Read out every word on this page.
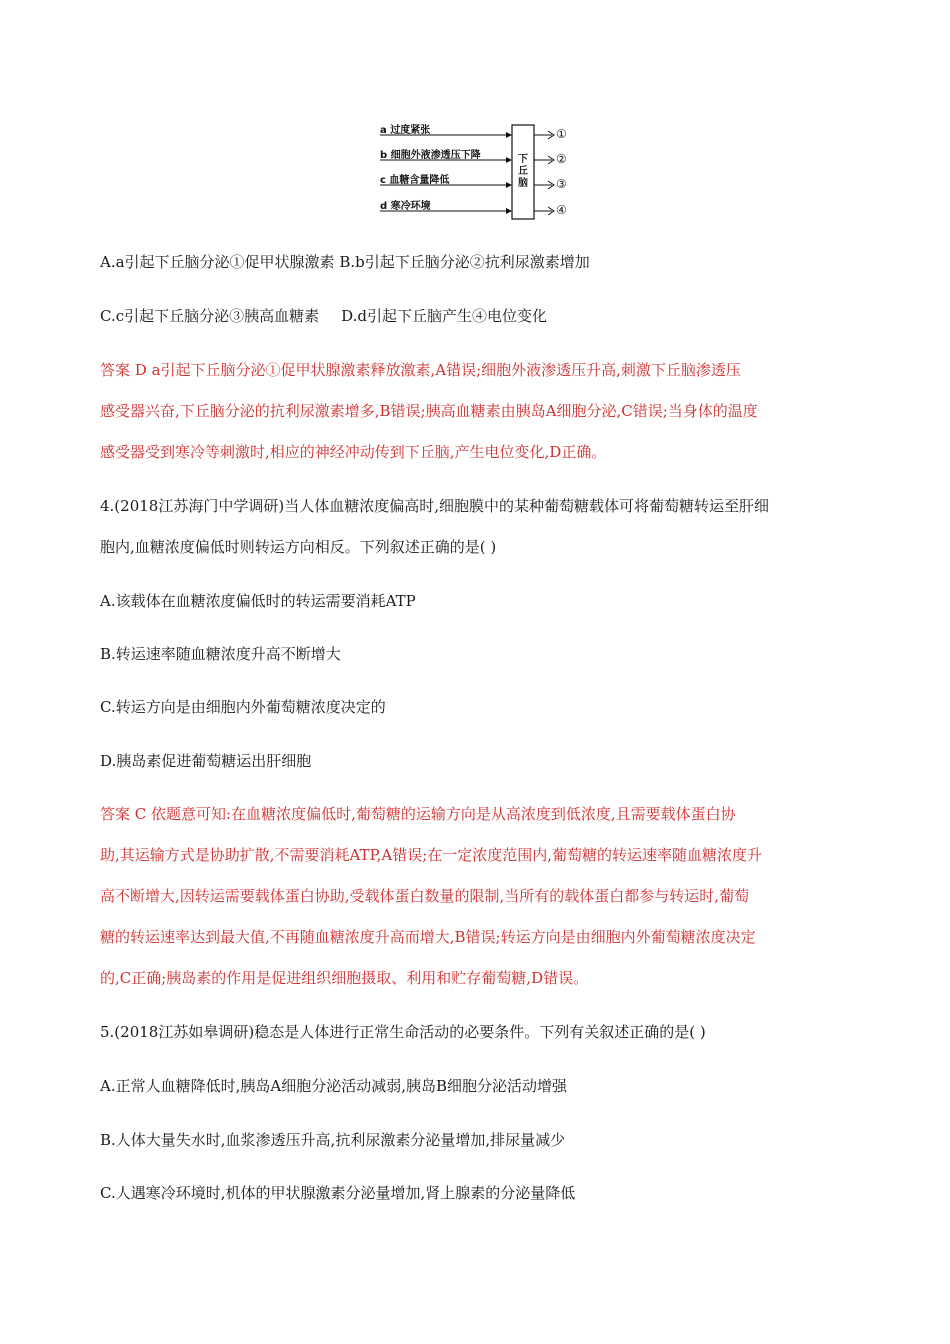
a 过度紧张
b 细胞外液渗透压下降
c 血糖含量降低
d 寒冷环境
下
丘
脑
①
②
③
④
A.a引起下丘脑分泌①促甲状腺激素 B.b引起下丘脑分泌②抗利尿激素增加
C.c引起下丘脑分泌③胰高血糖素 D.d引起下丘脑产生④电位变化
答案 D a引起下丘脑分泌①促甲状腺激素释放激素,A错误;细胞外液渗透压升高,刺激下丘脑渗透压
感受器兴奋,下丘脑分泌的抗利尿激素增多,B错误;胰高血糖素由胰岛A细胞分泌,C错误;当身体的温度
感受器受到寒冷等刺激时,相应的神经冲动传到下丘脑,产生电位变化,D正确。
4.(2018江苏海门中学调研)当人体血糖浓度偏高时,细胞膜中的某种葡萄糖载体可将葡萄糖转运至肝细
胞内,血糖浓度偏低时则转运方向相反。下列叙述正确的是( )
A.该载体在血糖浓度偏低时的转运需要消耗ATP
B.转运速率随血糖浓度升高不断增大
C.转运方向是由细胞内外葡萄糖浓度决定的
D.胰岛素促进葡萄糖运出肝细胞
答案 C 依题意可知:在血糖浓度偏低时,葡萄糖的运输方向是从高浓度到低浓度,且需要载体蛋白协
助,其运输方式是协助扩散,不需要消耗ATP,A错误;在一定浓度范围内,葡萄糖的转运速率随血糖浓度升
高不断增大,因转运需要载体蛋白协助,受载体蛋白数量的限制,当所有的载体蛋白都参与转运时,葡萄
糖的转运速率达到最大值,不再随血糖浓度升高而增大,B错误;转运方向是由细胞内外葡萄糖浓度决定
的,C正确;胰岛素的作用是促进组织细胞摄取、利用和贮存葡萄糖,D错误。
5.(2018江苏如皋调研)稳态是人体进行正常生命活动的必要条件。下列有关叙述正确的是( )
A.正常人血糖降低时,胰岛A细胞分泌活动减弱,胰岛B细胞分泌活动增强
B.人体大量失水时,血浆渗透压升高,抗利尿激素分泌量增加,排尿量减少
C.人遇寒冷环境时,机体的甲状腺激素分泌量增加,肾上腺素的分泌量降低
